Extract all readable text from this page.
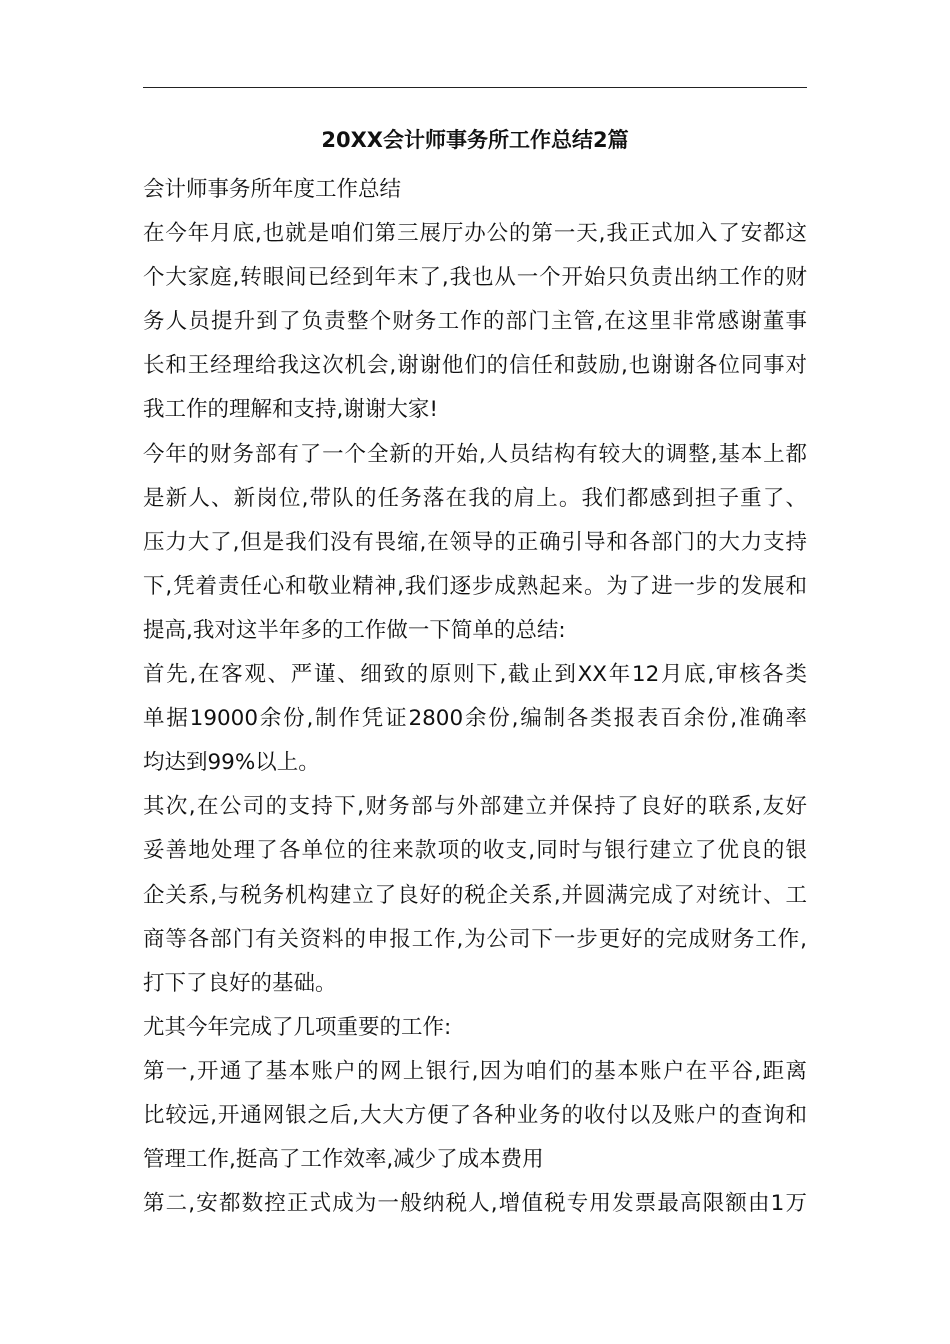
20XX会计师事务所工作总结2篇
会计师事务所年度工作总结
在今年月底,也就是咱们第三展厅办公的第一天,我正式加入了安都这
个大家庭,转眼间已经到年末了,我也从一个开始只负责出纳工作的财
务人员提升到了负责整个财务工作的部门主管,在这里非常感谢董事
长和王经理给我这次机会,谢谢他们的信任和鼓励,也谢谢各位同事对
我工作的理解和支持,谢谢大家!
今年的财务部有了一个全新的开始,人员结构有较大的调整,基本上都
是新人、新岗位,带队的任务落在我的肩上。我们都感到担子重了、
压力大了,但是我们没有畏缩,在领导的正确引导和各部门的大力支持
下,凭着责任心和敬业精神,我们逐步成熟起来。为了进一步的发展和
提高,我对这半年多的工作做一下简单的总结:
首先,在客观、严谨、细致的原则下,截止到XX年12月底,审核各类
单据19000余份,制作凭证2800余份,编制各类报表百余份,准确率
均达到99%以上。
其次,在公司的支持下,财务部与外部建立并保持了良好的联系,友好
妥善地处理了各单位的往来款项的收支,同时与银行建立了优良的银
企关系,与税务机构建立了良好的税企关系,并圆满完成了对统计、工
商等各部门有关资料的申报工作,为公司下一步更好的完成财务工作,
打下了良好的基础。
尤其今年完成了几项重要的工作:
第一,开通了基本账户的网上银行,因为咱们的基本账户在平谷,距离
比较远,开通网银之后,大大方便了各种业务的收付以及账户的查询和
管理工作,挺高了工作效率,减少了成本费用
第二,安都数控正式成为一般纳税人,增值税专用发票最高限额由1万
